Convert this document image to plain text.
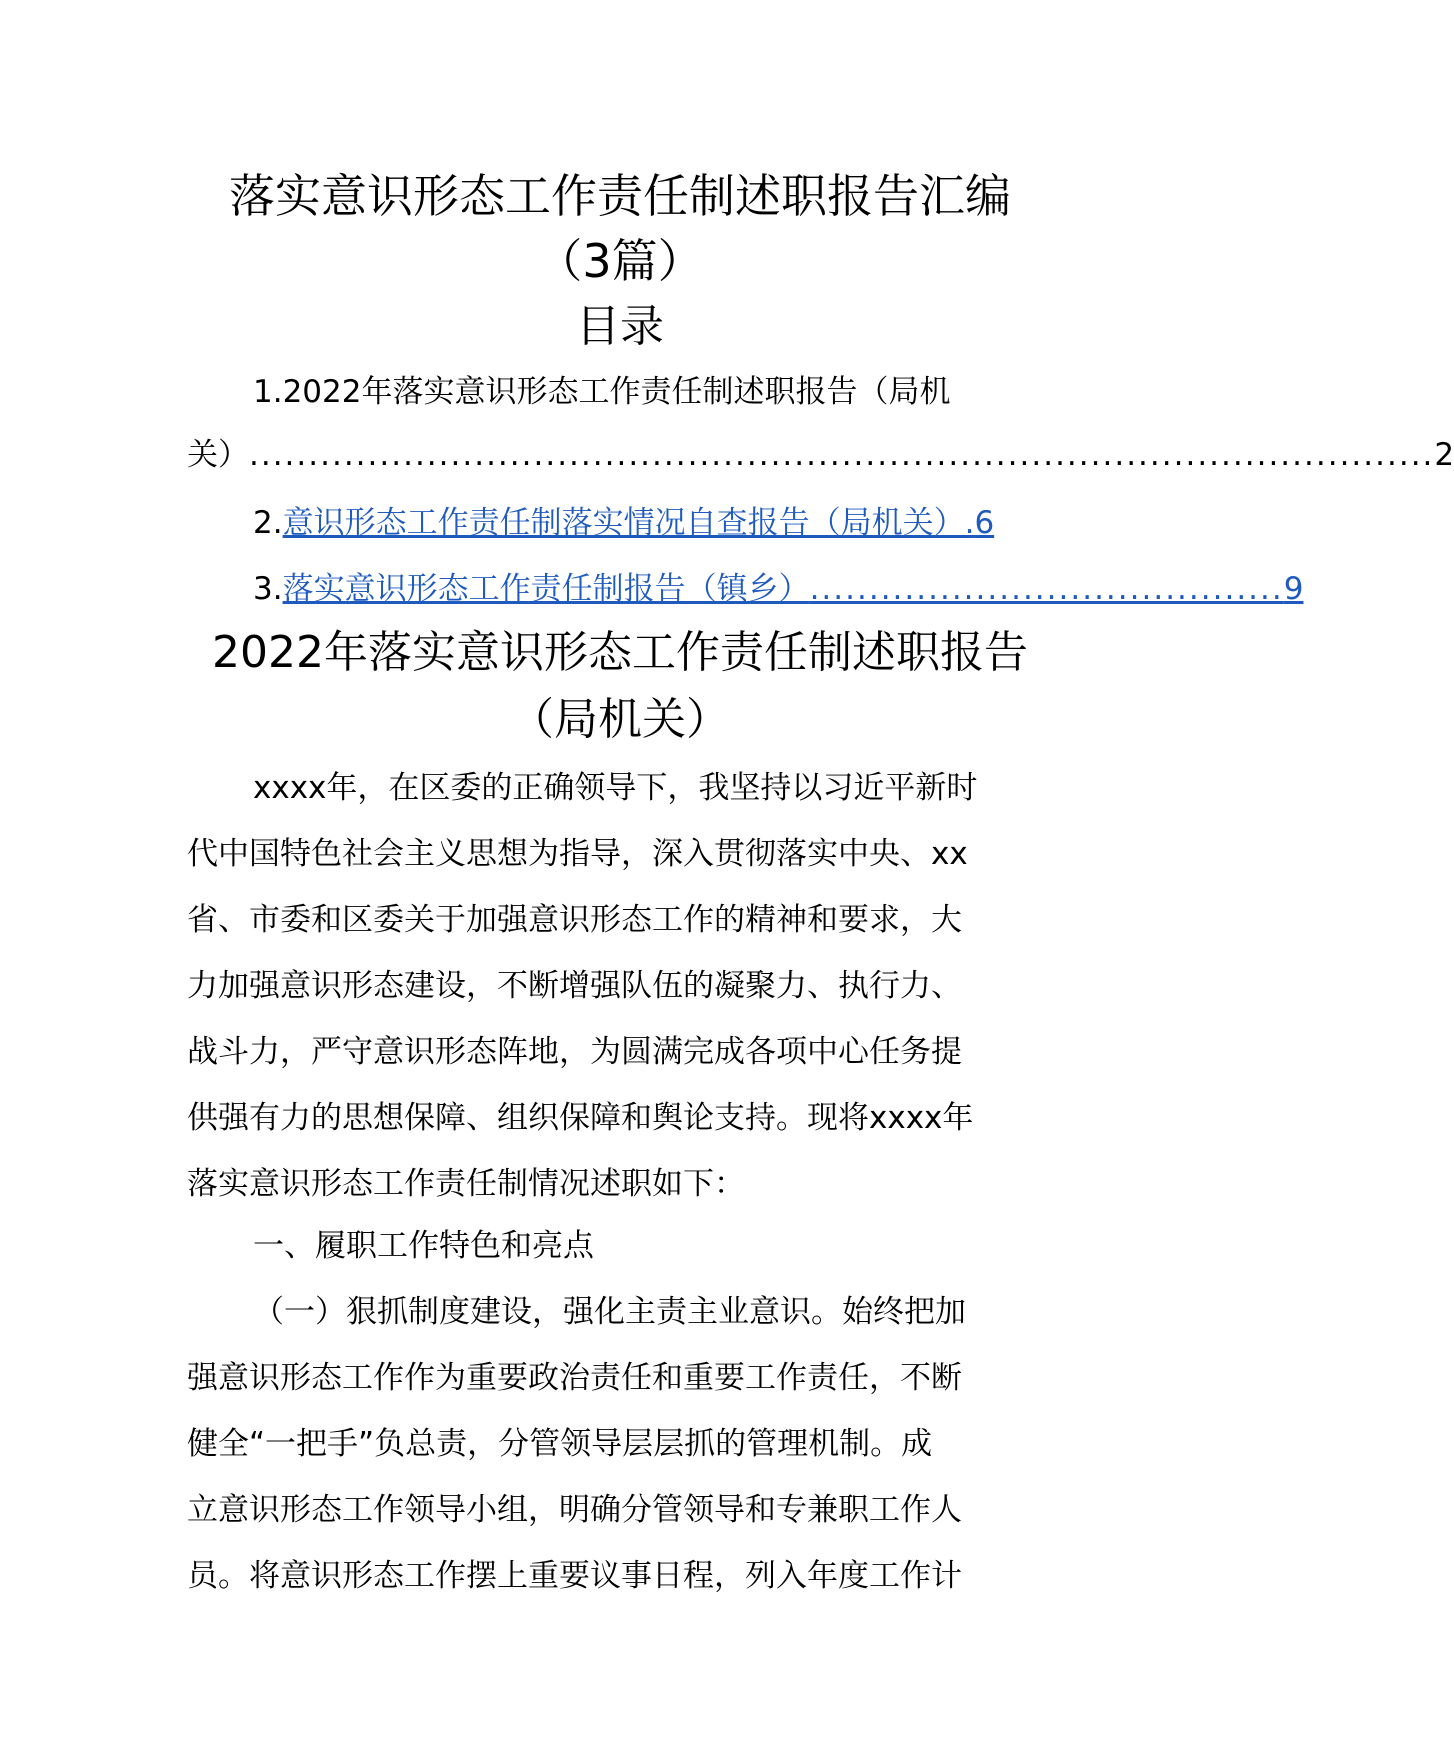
落实意识形态工作责任制述职报告汇编
（3篇）
目录
1.2022年落实意识形态工作责任制述职报告（局机
关） .................................................................................................... 2
2. 意识形态工作责任制落实情况自查报告（局机关）. 6
3. 落实意识形态工作责任制报告（镇乡） ........................................ 9
2022年落实意识形态工作责任制述职报告
（局机关）
xxxx年，在区委的正确领导下，我坚持以习近平新时
代中国特色社会主义思想为指导，深入贯彻落实中央、xx
省、市委和区委关于加强意识形态工作的精神和要求，大
力加强意识形态建设，不断增强队伍的凝聚力、执行力、
战斗力，严守意识形态阵地，为圆满完成各项中心任务提
供强有力的思想保障、组织保障和舆论支持。现将xxxx年
落实意识形态工作责任制情况述职如下：
一、履职工作特色和亮点
（一）狠抓制度建设，强化主责主业意识。始终把加
强意识形态工作作为重要政治责任和重要工作责任，不断
健全“一把手”负总责，分管领导层层抓的管理机制。成
立意识形态工作领导小组，明确分管领导和专兼职工作人
员。将意识形态工作摆上重要议事日程，列入年度工作计
